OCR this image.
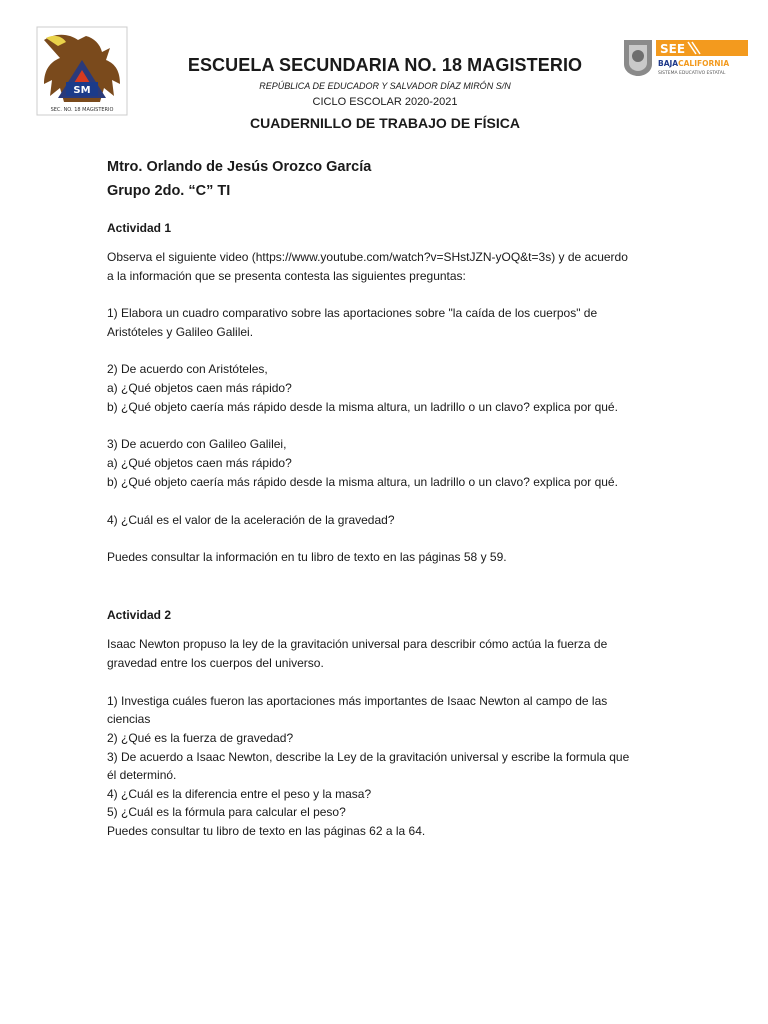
SM
SEC. NO. 18 MAGISTERIO
SEE
BAJACALIFORNIA
SISTEMA EDUCATIVO ESTATAL
ESCUELA SECUNDARIA NO. 18 MAGISTERIO
REPÚBLICA DE EDUCADOR Y SALVADOR DÍAZ MIRÓN S/N
CICLO ESCOLAR 2020-2021
CUADERNILLO DE TRABAJO DE FÍSICA
Mtro. Orlando de Jesús Orozco García
Grupo 2do. “C” TI
Actividad 1
Observa el siguiente video (https://www.youtube.com/watch?v=SHstJZN-yOQ&t=3s) y de acuerdo
a la información que se presenta contesta las siguientes preguntas:
1) Elabora un cuadro comparativo sobre las aportaciones sobre "la caída de los cuerpos" de
Aristóteles y Galileo Galilei.
2) De acuerdo con Aristóteles,
a) ¿Qué objetos caen más rápido?
b) ¿Qué objeto caería más rápido desde la misma altura, un ladrillo o un clavo? explica por qué.
3) De acuerdo con Galileo Galilei,
a) ¿Qué objetos caen más rápido?
b) ¿Qué objeto caería más rápido desde la misma altura, un ladrillo o un clavo? explica por qué.
4) ¿Cuál es el valor de la aceleración de la gravedad?
Puedes consultar la información en tu libro de texto en las páginas 58 y 59.
Actividad 2
Isaac Newton propuso la ley de la gravitación universal para describir cómo actúa la fuerza de
gravedad entre los cuerpos del universo.
1) Investiga cuáles fueron las aportaciones más importantes de Isaac Newton al campo de las
ciencias
2) ¿Qué es la fuerza de gravedad?
3) De acuerdo a Isaac Newton, describe la Ley de la gravitación universal y escribe la formula que
él determinó.
4) ¿Cuál es la diferencia entre el peso y la masa?
5) ¿Cuál es la fórmula para calcular el peso?
Puedes consultar tu libro de texto en las páginas 62 a la 64.
